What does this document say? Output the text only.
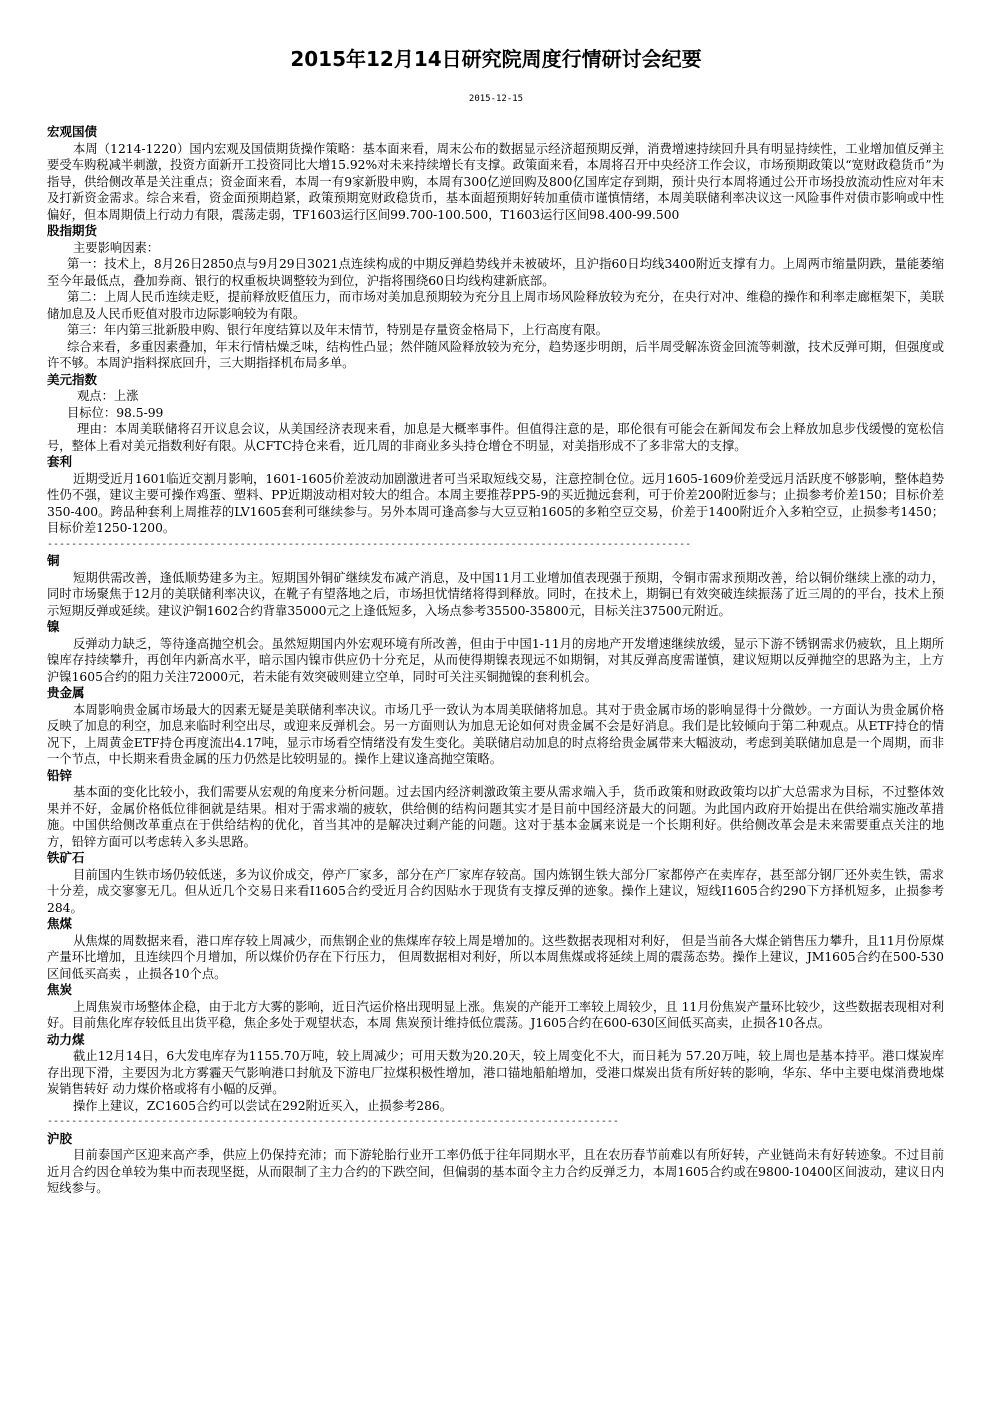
2015年12月14日研究院周度行情研讨会纪要
2015-12-15
宏观国债
本周（1214-1220）国内宏观及国债期货操作策略：基本面来看，周末公布的数据显示经济超预期反弹，消费增速持续回升具有明显持续性，工业增加值反弹主要受车购税减半刺激，投资方面新开工投资同比大增15.92%对未来持续增长有支撑。政策面来看，本周将召开中央经济工作会议，市场预期政策以“宽财政稳货币”为指导，供给侧改革是关注重点；资金面来看，本周一有9家新股申购，本周有300亿逆回购及800亿国库定存到期，预计央行本周将通过公开市场投放流动性应对年末及打新资金需求。综合来看，资金面预期趋紧，政策预期宽财政稳货币，基本面超预期好转加重债市谨慎情绪，本周美联储利率决议这一风险事件对债市影响或中性偏好，但本周期债上行动力有限，震荡走弱，TF1603运行区间99.700-100.500，T1603运行区间98.400-99.500
股指期货
主要影响因素：
第一：技术上，8月26日2850点与9月29日3021点连续构成的中期反弹趋势线并未被破坏，且沪指60日均线3400附近支撑有力。上周两市缩量阴跌，量能萎缩至今年最低点，叠加券商、银行的权重板块调整较为到位，沪指将围绕60日均线构建新底部。
第二：上周人民币连续走贬，提前释放贬值压力，而市场对美加息预期较为充分且上周市场风险释放较为充分，在央行对冲、维稳的操作和利率走廊框架下，美联储加息及人民币贬值对股市边际影响较为有限。
第三：年内第三批新股申购、银行年度结算以及年末情节，特别是存量资金格局下，上行高度有限。
综合来看，多重因素叠加，年末行情枯燥乏味，结构性凸显；然伴随风险释放较为充分，趋势逐步明朗，后半周受解冻资金回流等刺激，技术反弹可期，但强度或许不够。本周沪指料探底回升，三大期指择机布局多单。
美元指数
观点：上涨
目标位：98.5-99
理由：本周美联储将召开议息会议，从美国经济表现来看，加息是大概率事件。但值得注意的是，耶伦很有可能会在新闻发布会上释放加息步伐缓慢的宽松信号，整体上看对美元指数利好有限。从CFTC持仓来看，近几周的非商业多头持仓增仓不明显，对美指形成不了多非常大的支撑。
套利
近期受近月1601临近交割月影响，1601-1605价差波动加剧激进者可当采取短线交易，注意控制仓位。远月1605-1609价差受远月活跃度不够影响，整体趋势性仍不强，建议主要可操作鸡蛋、塑料、PP近期波动相对较大的组合。本周主要推荐PP5-9的买近抛远套利，可于价差200附近参与；止损参考价差150；目标价差350-400。跨品种套利上周推荐的LV1605套利可继续参与。另外本周可逢高参与大豆豆粕1605的多粕空豆交易，价差于1400附近介入多粕空豆，止损参考1450；目标价差1250-1200。
-----------------------------------------------------------------------------------------------------------
铜
短期供需改善，逢低顺势建多为主。短期国外铜矿继续发布减产消息，及中国11月工业增加值表现强于预期，令铜市需求预期改善，给以铜价继续上涨的动力，同时市场聚焦于12月的美联储利率决议，在靴子有望落地之后，市场担忧情绪将得到释放。同时，在技术上，期铜已有效突破连续振荡了近三周的的平台，技术上预示短期反弹或延续。建议沪铜1602合约背靠35000元之上逢低短多，入场点参考35500-35800元，目标关注37500元附近。
镍
反弹动力缺乏，等待逢高抛空机会。虽然短期国内外宏观环境有所改善，但由于中国1-11月的房地产开发增速继续放缓，显示下游不锈钢需求仍疲软，且上期所镍库存持续攀升，再创年内新高水平，暗示国内镍市供应仍十分充足，从而使得期镍表现远不如期铜，对其反弹高度需谨慎，建议短期以反弹抛空的思路为主，上方沪镍1605合约的阻力关注72000元，若未能有效突破则建立空单，同时可关注买铜抛镍的套利机会。
贵金属
本周影响贵金属市场最大的因素无疑是美联储利率决议。市场几乎一致认为本周美联储将加息。其对于贵金属市场的影响显得十分微妙。一方面认为贵金属价格反映了加息的利空，加息来临时利空出尽，或迎来反弹机会。另一方面则认为加息无论如何对贵金属不会是好消息。我们是比较倾向于第二种观点。从ETF持仓的情况下，上周黄金ETF持仓再度流出4.17吨，显示市场看空情绪没有发生变化。美联储启动加息的时点将给贵金属带来大幅波动，考虑到美联储加息是一个周期，而非一个节点，中长期来看贵金属的压力仍然是比较明显的。操作上建议逢高抛空策略。
铅锌
基本面的变化比较小，我们需要从宏观的角度来分析问题。过去国内经济刺激政策主要从需求端入手，货币政策和财政政策均以扩大总需求为目标，不过整体效果并不好，金属价格低位徘徊就是结果。相对于需求端的疲软，供给侧的结构问题其实才是目前中国经济最大的问题。为此国内政府开始提出在供给端实施改革措施。中国供给侧改革重点在于供给结构的优化，首当其冲的是解决过剩产能的问题。这对于基本金属来说是一个长期利好。供给侧改革会是未来需要重点关注的地方，铅锌方面可以考虑转入多头思路。
铁矿石
目前国内生铁市场仍较低迷，多为议价成交，停产厂家多，部分在产厂家库存较高。国内炼钢生铁大部分厂家都停产在卖库存，甚至部分钢厂还外卖生铁，需求十分差，成交寥寥无几。但从近几个交易日来看I1605合约受近月合约因贴水于现货有支撑反弹的迹象。操作上建议，短线I1605合约290下方择机短多，止损参考284。
焦煤
从焦煤的周数据来看，港口库存较上周减少，而焦钢企业的焦煤库存较上周是增加的。这些数据表现相对利好， 但是当前各大煤企销售压力攀升，且11月份原煤产量环比增加，且连续四个月增加，所以煤价仍存在下行压力， 但周数据相对利好，所以本周焦煤或将延续上周的震荡态势。操作上建议，JM1605合约在500-530区间低买高卖 ，止损各10个点。
焦炭
上周焦炭市场整体企稳，由于北方大雾的影响，近日汽运价格出现明显上涨。焦炭的产能开工率较上周较少，且 11月份焦炭产量环比较少，这些数据表现相对利好。目前焦化库存较低且出货平稳，焦企多处于观望状态，本周 焦炭预计维持低位震荡。J1605合约在600-630区间低买高卖，止损各10各点。
动力煤
截止12月14日，6大发电库存为1155.70万吨，较上周减少；可用天数为20.20天，较上周变化不大，而日耗为 57.20万吨，较上周也是基本持平。港口煤炭库存出现下滑，主要因为北方雾霾天气影响港口封航及下游电厂拉煤积极性增加，港口锚地船舶增加，受港口煤炭出货有所好转的影响，华东、华中主要电煤消费地煤炭销售转好 动力煤价格或将有小幅的反弹。
操作上建议，ZC1605合约可以尝试在292附近买入，止损参考286。
-----------------------------------------------------------------------------------------------
沪胶
目前泰国产区迎来高产季，供应上仍保持充沛；而下游轮胎行业开工率仍低于往年同期水平，且在农历春节前难以有所好转，产业链尚未有好转迹象。不过目前近月合约因仓单较为集中而表现坚挺，从而限制了主力合约的下跌空间，但偏弱的基本面令主力合约反弹乏力，本周1605合约或在9800-10400区间波动，建议日内短线参与。
